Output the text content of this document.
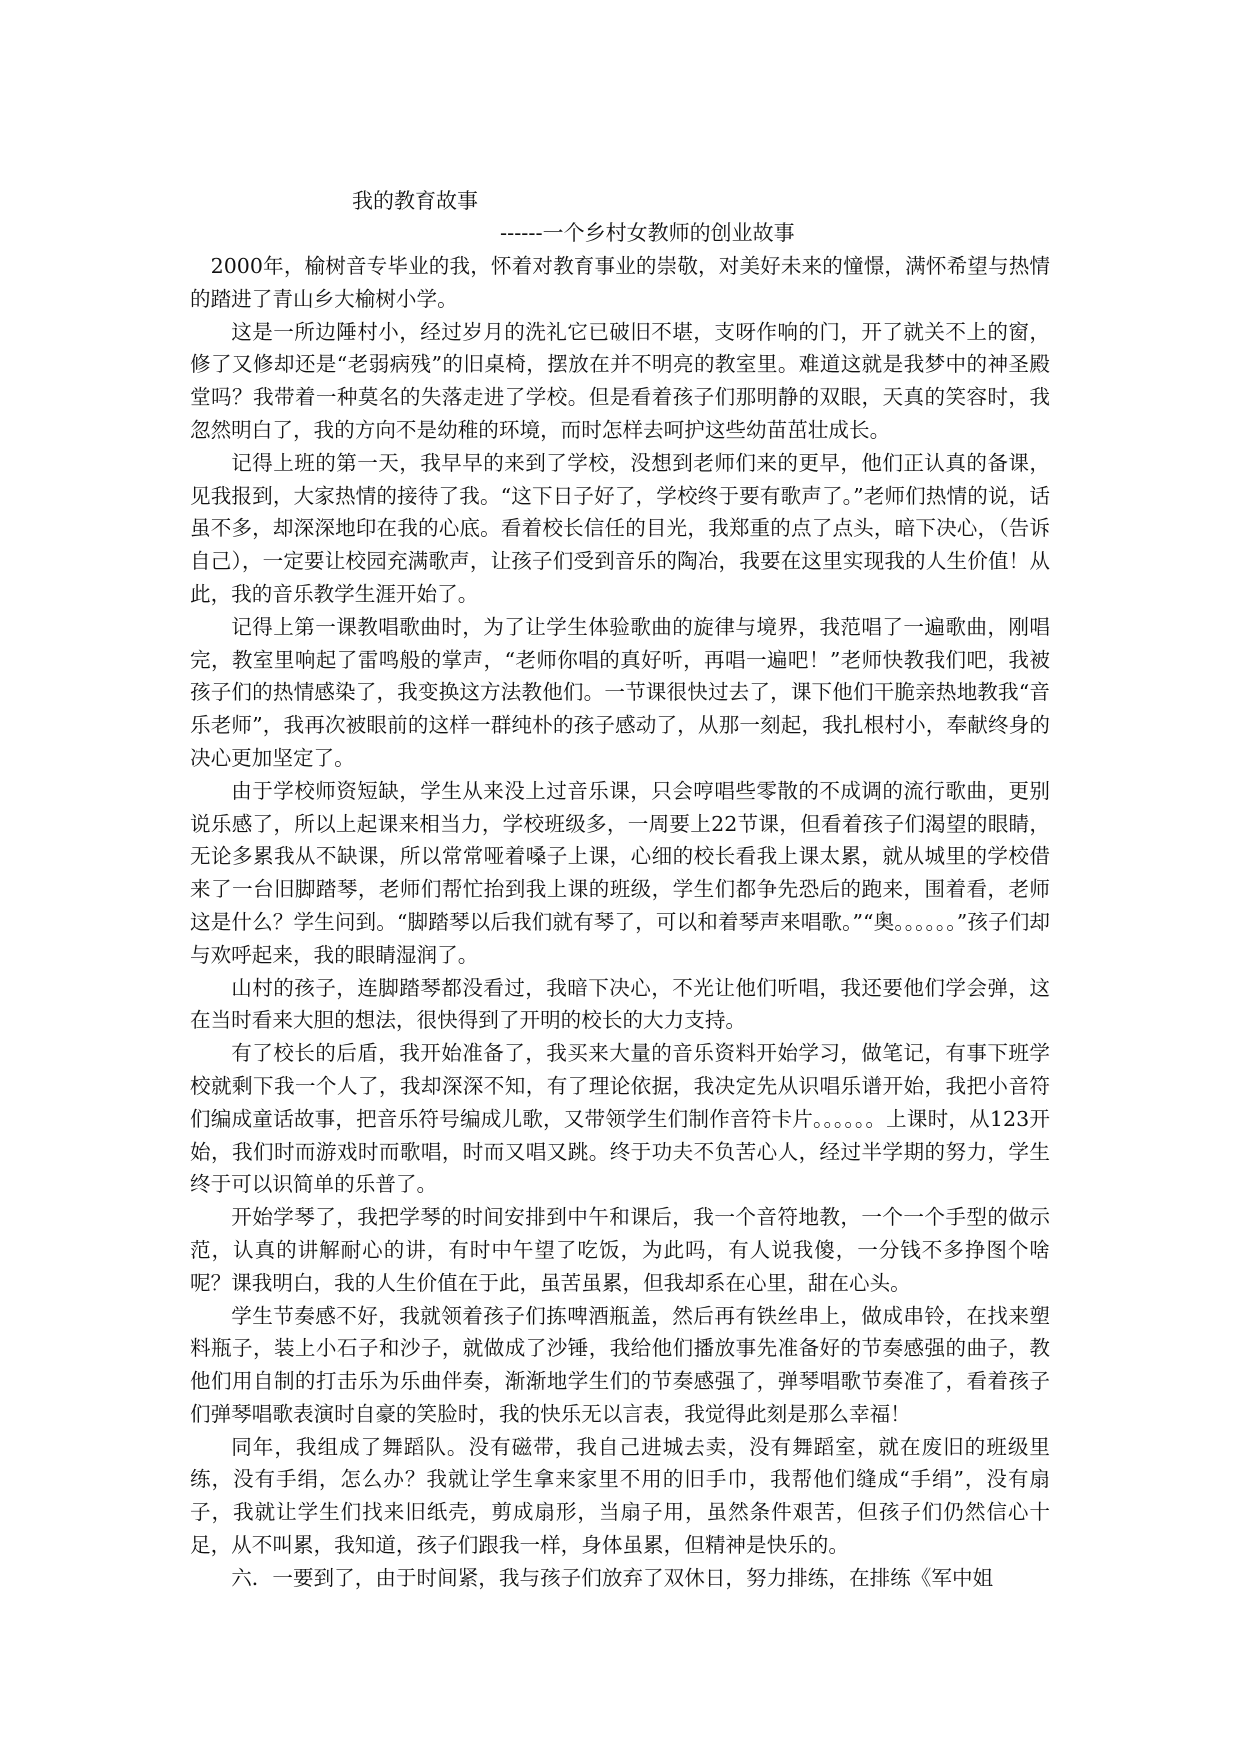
我的教育故事
------一个乡村女教师的创业故事

2000年，榆树音专毕业的我，怀着对教育事业的崇敬，对美好未来的憧憬，满怀希望与热情的踏进了青山乡大榆树小学。

这是一所边陲村小，经过岁月的洗礼它已破旧不堪，支呀作响的门，开了就关不上的窗，修了又修却还是“老弱病残”的旧桌椅，摆放在并不明亮的教室里。难道这就是我梦中的神圣殿堂吗？我带着一种莫名的失落走进了学校。但是看着孩子们那明静的双眼，天真的笑容时，我忽然明白了，我的方向不是幼稚的环境，而时怎样去呵护这些幼苗茁壮成长。

记得上班的第一天，我早早的来到了学校，没想到老师们来的更早，他们正认真的备课，见我报到，大家热情的接待了我。“这下日子好了，学校终于要有歌声了。”老师们热情的说，话虽不多，却深深地印在我的心底。看着校长信任的目光，我郑重的点了点头，暗下决心，（告诉自己），一定要让校园充满歌声，让孩子们受到音乐的陶冶，我要在这里实现我的人生价值！从此，我的音乐教学生涯开始了。

记得上第一课教唱歌曲时，为了让学生体验歌曲的旋律与境界，我范唱了一遍歌曲，刚唱完，教室里响起了雷鸣般的掌声，“老师你唱的真好听，再唱一遍吧！”老师快教我们吧，我被孩子们的热情感染了，我变换这方法教他们。一节课很快过去了，课下他们干脆亲热地教我“音乐老师”，我再次被眼前的这样一群纯朴的孩子感动了，从那一刻起，我扎根村小，奉献终身的决心更加坚定了。

由于学校师资短缺，学生从来没上过音乐课，只会哼唱些零散的不成调的流行歌曲，更别说乐感了，所以上起课来相当力，学校班级多，一周要上22节课，但看着孩子们渴望的眼睛，无论多累我从不缺课，所以常常哑着嗓子上课，心细的校长看我上课太累，就从城里的学校借来了一台旧脚踏琴，老师们帮忙抬到我上课的班级，学生们都争先恐后的跑来，围着看，老师这是什么？学生问到。“脚踏琴以后我们就有琴了，可以和着琴声来唱歌。”“奥。。。。。。”孩子们却与欢呼起来，我的眼睛湿润了。

山村的孩子，连脚踏琴都没看过，我暗下决心，不光让他们听唱，我还要他们学会弹，这在当时看来大胆的想法，很快得到了开明的校长的大力支持。

有了校长的后盾，我开始准备了，我买来大量的音乐资料开始学习，做笔记，有事下班学校就剩下我一个人了，我却深深不知，有了理论依据，我决定先从识唱乐谱开始，我把小音符们编成童话故事，把音乐符号编成儿歌，又带领学生们制作音符卡片。。。。。。上课时，从123开始，我们时而游戏时而歌唱，时而又唱又跳。终于功夫不负苦心人，经过半学期的努力，学生终于可以识简单的乐普了。

开始学琴了，我把学琴的时间安排到中午和课后，我一个音符地教，一个一个手型的做示范，认真的讲解耐心的讲，有时中午望了吃饭，为此吗，有人说我傻，一分钱不多挣图个啥呢？课我明白，我的人生价值在于此，虽苦虽累，但我却系在心里，甜在心头。

学生节奏感不好，我就领着孩子们拣啤酒瓶盖，然后再有铁丝串上，做成串铃，在找来塑料瓶子，装上小石子和沙子，就做成了沙锤，我给他们播放事先准备好的节奏感强的曲子，教他们用自制的打击乐为乐曲伴奏，渐渐地学生们的节奏感强了，弹琴唱歌节奏准了，看着孩子们弹琴唱歌表演时自豪的笑脸时，我的快乐无以言表，我觉得此刻是那么幸福！

同年，我组成了舞蹈队。没有磁带，我自己进城去卖，没有舞蹈室，就在废旧的班级里练，没有手绢，怎么办？我就让学生拿来家里不用的旧手巾，我帮他们缝成“手绢”，没有扇子，我就让学生们找来旧纸壳，剪成扇形，当扇子用，虽然条件艰苦，但孩子们仍然信心十足，从不叫累，我知道，孩子们跟我一样，身体虽累，但精神是快乐的。

六．一要到了，由于时间紧，我与孩子们放弃了双休日，努力排练，在排练《军中姐
